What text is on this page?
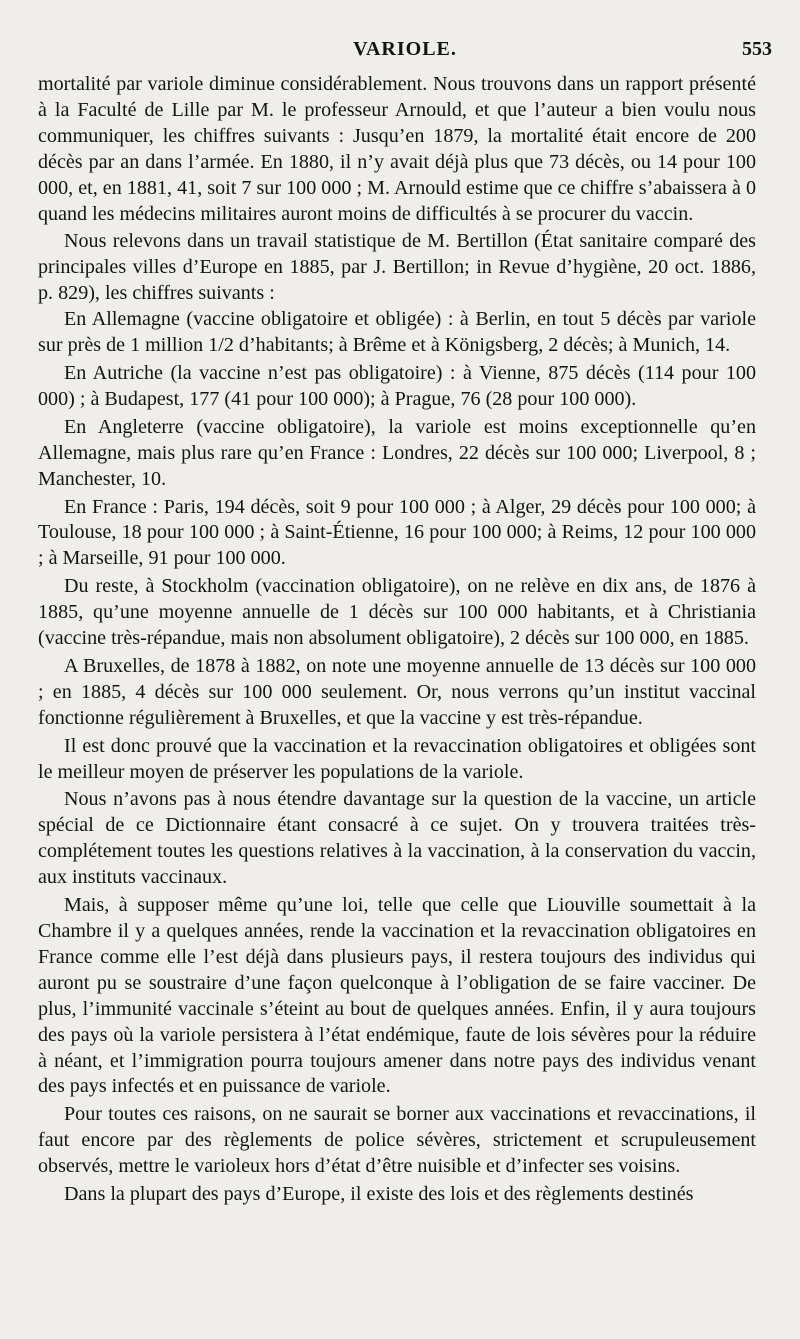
VARIOLE.	553

mortalité par variole diminue considérablement. Nous trouvons dans un rapport présenté à la Faculté de Lille par M. le professeur Arnould, et que l’auteur a bien voulu nous communiquer, les chiffres suivants : Jusqu’en 1879, la mortalité était encore de 200 décès par an dans l’armée. En 1880, il n’y avait déjà plus que 73 décès, ou 14 pour 100 000, et, en 1881, 41, soit 7 sur 100 000 ; M. Arnould estime que ce chiffre s’abaissera à 0 quand les médecins militaires auront moins de difficultés à se procurer du vaccin.

Nous relevons dans un travail statistique de M. Bertillon (État sanitaire comparé des principales villes d’Europe en 1885, par J. Bertillon; in Revue d’hygiène, 20 oct. 1886, p. 829), les chiffres suivants :

En Allemagne (vaccine obligatoire et obligée) : à Berlin, en tout 5 décès par variole sur près de 1 million 1/2 d’habitants; à Brême et à Königsberg, 2 décès; à Munich, 14.

En Autriche (la vaccine n’est pas obligatoire) : à Vienne, 875 décès (114 pour 100 000) ; à Budapest, 177 (41 pour 100 000); à Prague, 76 (28 pour 100 000).

En Angleterre (vaccine obligatoire), la variole est moins exceptionnelle qu’en Allemagne, mais plus rare qu’en France : Londres, 22 décès sur 100 000; Liverpool, 8 ; Manchester, 10.

En France : Paris, 194 décès, soit 9 pour 100 000 ; à Alger, 29 décès pour 100 000; à Toulouse, 18 pour 100 000 ; à Saint-Étienne, 16 pour 100 000; à Reims, 12 pour 100 000 ; à Marseille, 91 pour 100 000.

Du reste, à Stockholm (vaccination obligatoire), on ne relève en dix ans, de 1876 à 1885, qu’une moyenne annuelle de 1 décès sur 100 000 habitants, et à Christiania (vaccine très-répandue, mais non absolument obligatoire), 2 décès sur 100 000, en 1885.

A Bruxelles, de 1878 à 1882, on note une moyenne annuelle de 13 décès sur 100 000 ; en 1885, 4 décès sur 100 000 seulement. Or, nous verrons qu’un institut vaccinal fonctionne régulièrement à Bruxelles, et que la vaccine y est très-répandue.

Il est donc prouvé que la vaccination et la revaccination obligatoires et obligées sont le meilleur moyen de préserver les populations de la variole.

Nous n’avons pas à nous étendre davantage sur la question de la vaccine, un article spécial de ce Dictionnaire étant consacré à ce sujet. On y trouvera traitées très-complétement toutes les questions relatives à la vaccination, à la conservation du vaccin, aux instituts vaccinaux.

Mais, à supposer même qu’une loi, telle que celle que Liouville soumettait à la Chambre il y a quelques années, rende la vaccination et la revaccination obligatoires en France comme elle l’est déjà dans plusieurs pays, il restera toujours des individus qui auront pu se soustraire d’une façon quelconque à l’obligation de se faire vacciner. De plus, l’immunité vaccinale s’éteint au bout de quelques années. Enfin, il y aura toujours des pays où la variole persistera à l’état endémique, faute de lois sévères pour la réduire à néant, et l’immigration pourra toujours amener dans notre pays des individus venant des pays infectés et en puissance de variole.

Pour toutes ces raisons, on ne saurait se borner aux vaccinations et revaccinations, il faut encore par des règlements de police sévères, strictement et scrupuleusement observés, mettre le varioleux hors d’état d’être nuisible et d’infecter ses voisins.

Dans la plupart des pays d’Europe, il existe des lois et des règlements destinés
